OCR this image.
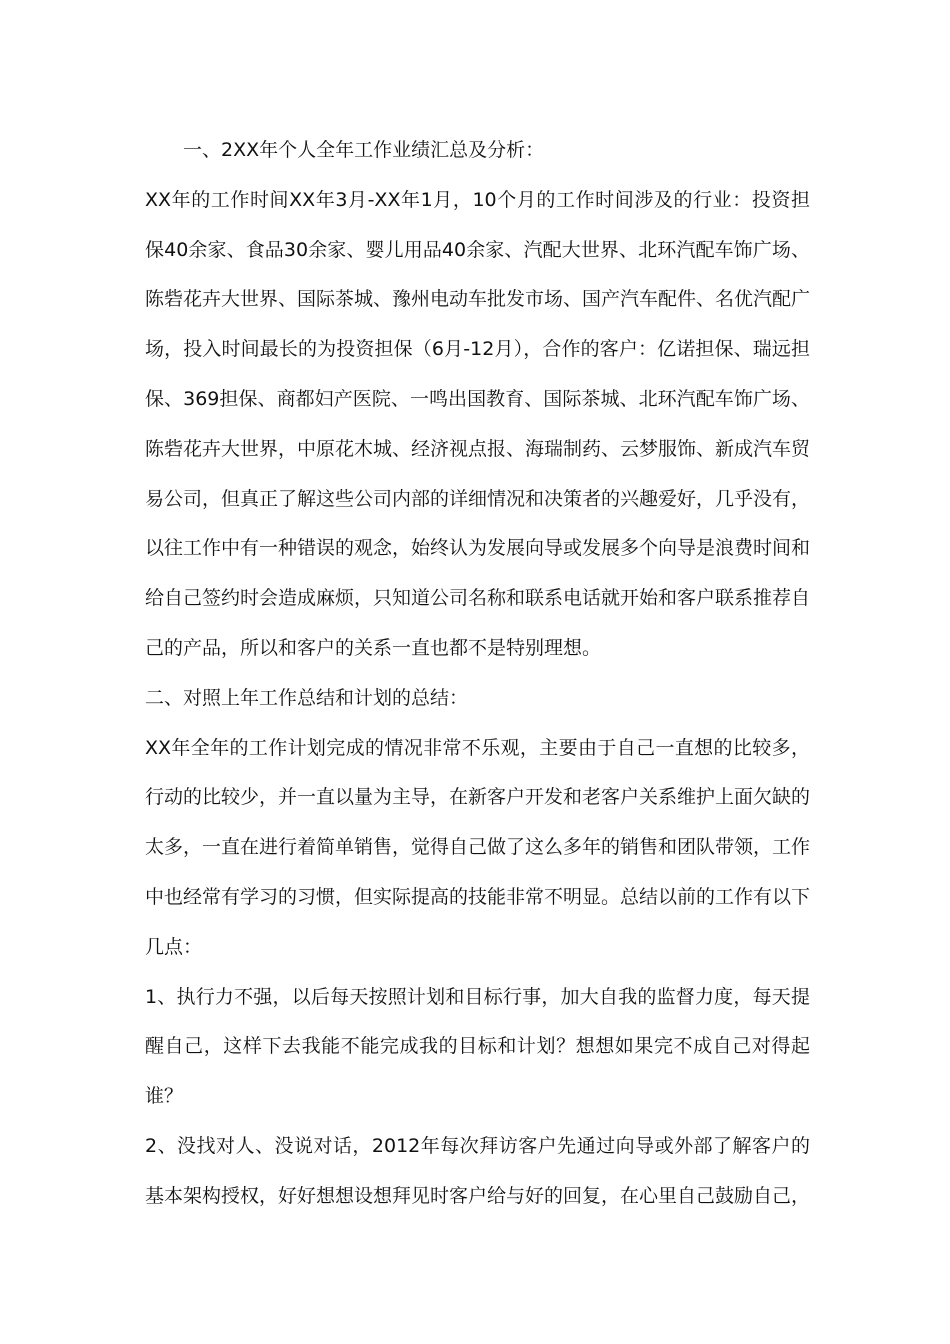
一、2XX年个人全年工作业绩汇总及分析：

XX年的工作时间XX年3月-XX年1月，10个月的工作时间涉及的行业：投资担保40余家、食品30余家、婴儿用品40余家、汽配大世界、北环汽配车饰广场、陈砦花卉大世界、国际茶城、豫州电动车批发市场、国产汽车配件、名优汽配广场，投入时间最长的为投资担保（6月-12月），合作的客户：亿诺担保、瑞远担保、369担保、商都妇产医院、一鸣出国教育、国际茶城、北环汽配车饰广场、陈砦花卉大世界，中原花木城、经济视点报、海瑞制药、云梦服饰、新成汽车贸易公司，但真正了解这些公司内部的详细情况和决策者的兴趣爱好，几乎没有，以往工作中有一种错误的观念，始终认为发展向导或发展多个向导是浪费时间和给自己签约时会造成麻烦，只知道公司名称和联系电话就开始和客户联系推荐自己的产品，所以和客户的关系一直也都不是特别理想。

二、对照上年工作总结和计划的总结：

XX年全年的工作计划完成的情况非常不乐观，主要由于自己一直想的比较多，行动的比较少，并一直以量为主导，在新客户开发和老客户关系维护上面欠缺的太多，一直在进行着简单销售，觉得自己做了这么多年的销售和团队带领，工作中也经常有学习的习惯，但实际提高的技能非常不明显。总结以前的工作有以下几点：

1、执行力不强，以后每天按照计划和目标行事，加大自我的监督力度，每天提醒自己，这样下去我能不能完成我的目标和计划？想想如果完不成自己对得起谁？

2、没找对人、没说对话，2012年每次拜访客户先通过向导或外部了解客户的基本架构授权，好好想想设想拜见时客户给与好的回复，在心里自己鼓励自己，
